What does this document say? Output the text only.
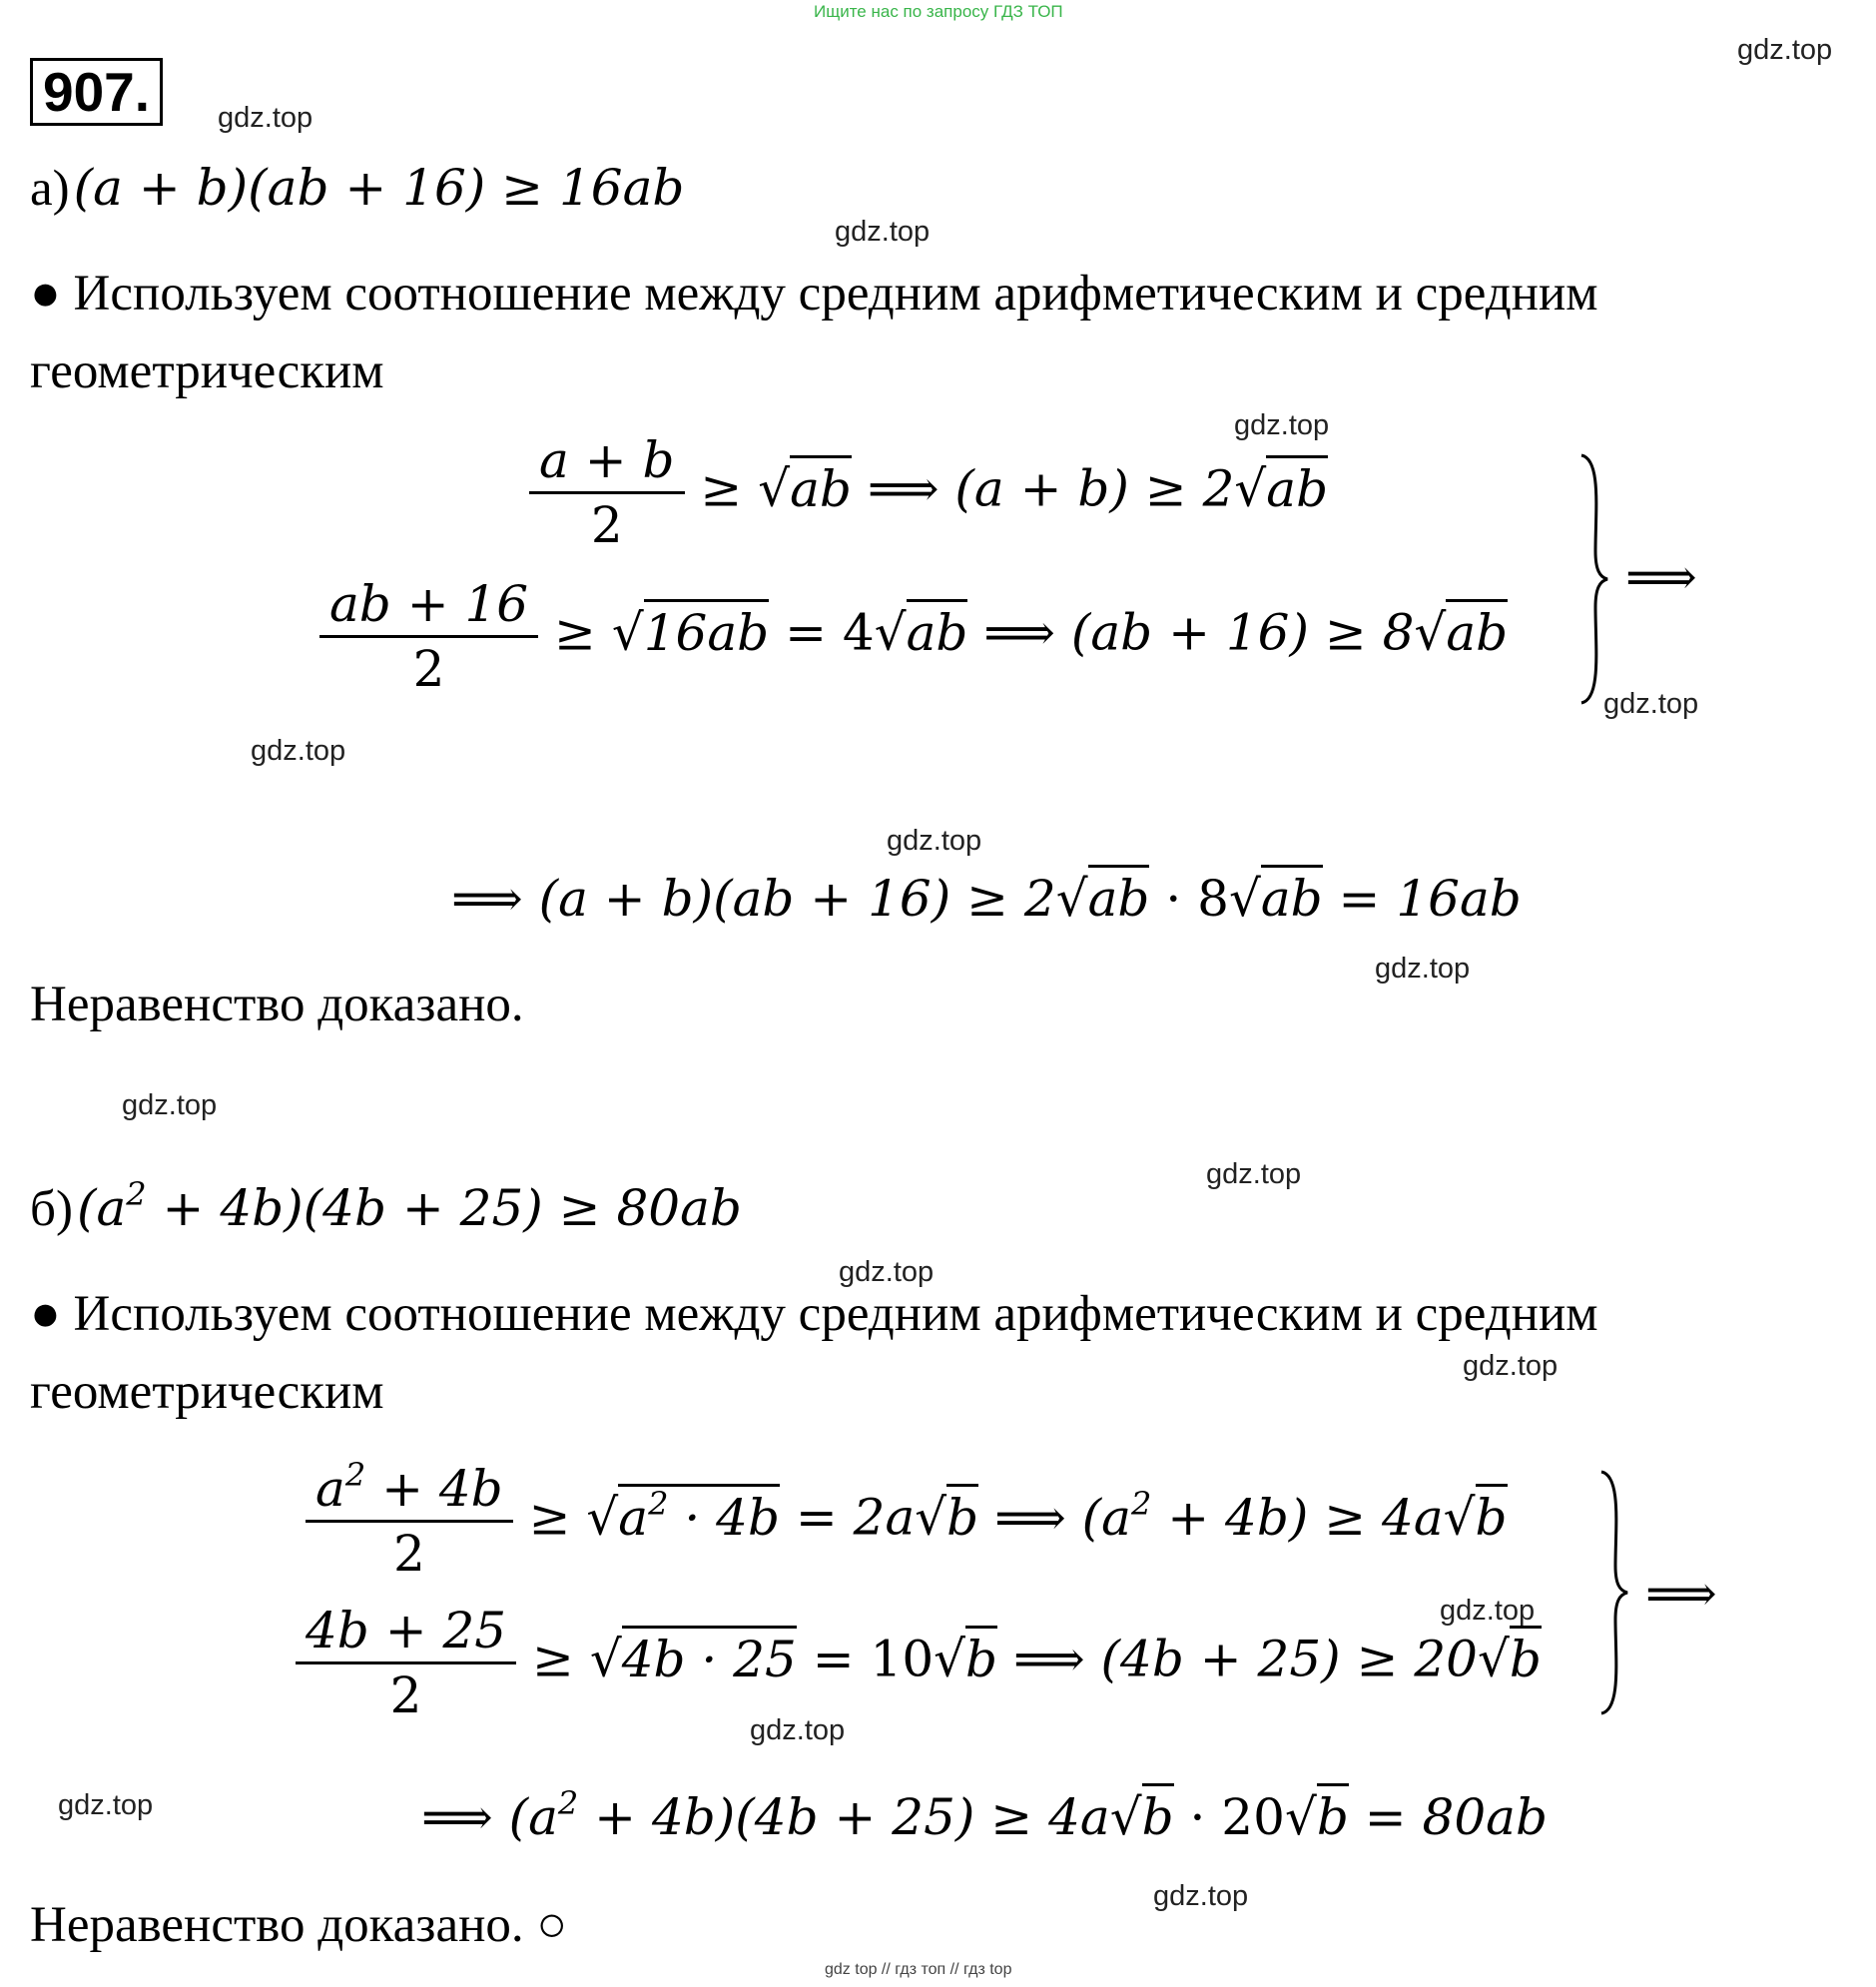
Ищите нас по запросу ГДЗ ТОП
907.
gdz.top
gdz.top
gdz.top
gdz.top
gdz.top
gdz.top
gdz.top
gdz.top
gdz.top
gdz.top
gdz.top
gdz.top
gdz.top
gdz.top
gdz.top
gdz.top
а) (a + b)(ab + 16) ≥ 16ab
● Используем соотношение между средним арифметическим и средним
геометрическим
$\frac{a + b}{2} \ge √ab$ ⟹ (a + b) ≥ 2√ab
$\frac{ab + 16}{2} \ge √16ab = 4√ab$ ⟹ (ab + 16) ≥ 8√ab
⟹
⟹ (a + b)(ab + 16) ≥ 2√ab · 8√ab = 16ab
Неравенство доказано.
б) $(a^2 + 4b)(4b + 25) \ge 80ab$
● Используем соотношение между средним арифметическим и средним
геометрическим
$\frac{a^2 + 4b}{2} \ge √a^2 \cdot 4b = 2a√b$ ⟹ $(a^2 + 4b) \ge 4a√b$
$\frac{4b + 25}{2} \ge √4b \cdot 25 = 10√b$ ⟹ (4b + 25) ≥ 20√b
⟹
⟹ $(a^2 + 4b)(4b + 25) \ge 4a√b \cdot 20√b = 80ab$
Неравенство доказано. ○
gdz top // гдз топ // гдз top
